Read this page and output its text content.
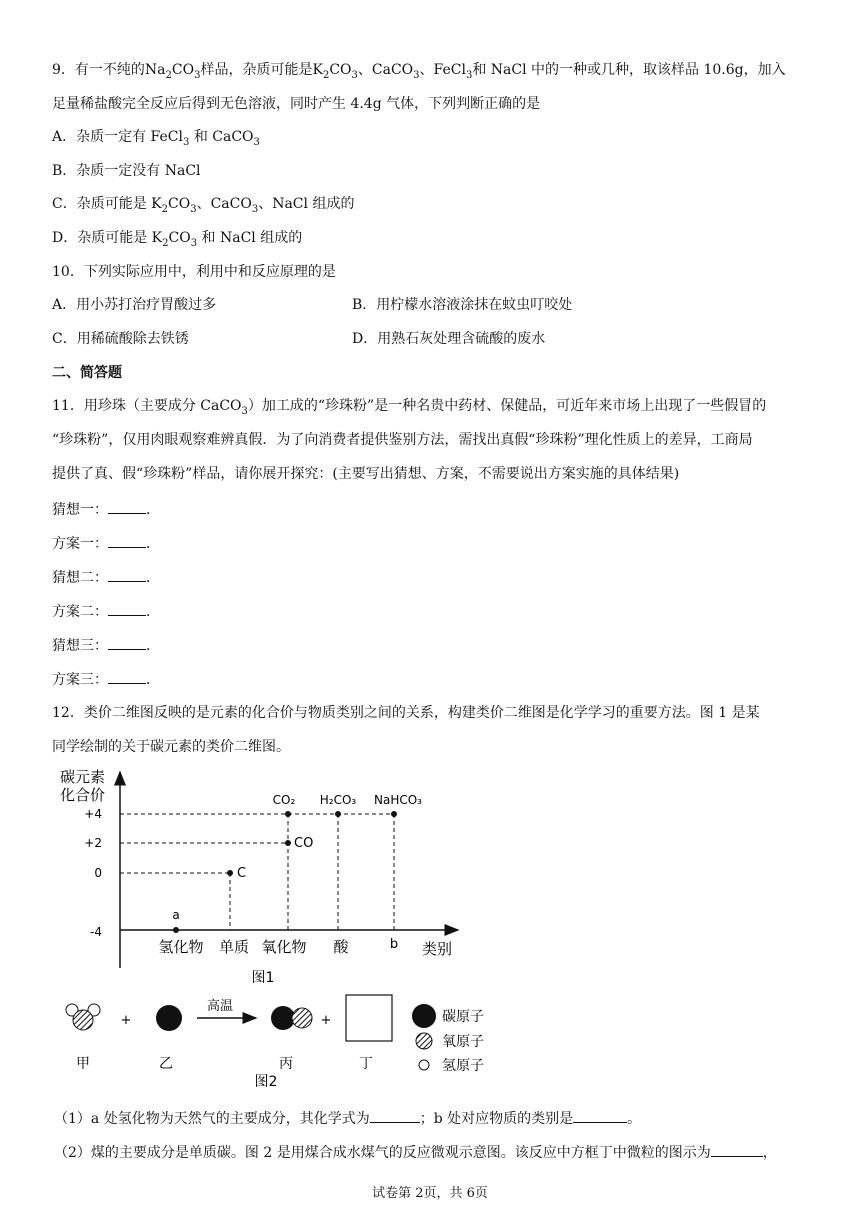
9．有一不纯的$Na_2CO_3$样品，杂质可能是$K_2CO_3$、CaCO$_3$、FeCl$_3$和 NaCl 中的一种或几种，取该样品 10.6g，加入
足量稀盐酸完全反应后得到无色溶液，同时产生 4.4g 气体，下列判断正确的是
A．杂质一定有 FeCl$_3$ 和 CaCO$_3$
B．杂质一定没有 NaCl
C．杂质可能是 $K_2CO_3$、CaCO$_3$、NaCl 组成的
D．杂质可能是 $K_2CO_3$ 和 NaCl 组成的
10．下列实际应用中，利用中和反应原理的是
A．用小苏打治疗胃酸过多	B．用柠檬水溶液涂抹在蚊虫叮咬处
C．用稀硫酸除去铁锈	D．用熟石灰处理含硫酸的废水
二、简答题
11．用珍珠（主要成分 CaCO$_3$）加工成的“珍珠粉”是一种名贵中药材、保健品，可近年来市场上出现了一些假冒的
“珍珠粉”，仅用肉眼观察难辨真假．为了向消费者提供鉴别方法，需找出真假“珍珠粉”理化性质上的差异，工商局
提供了真、假“珍珠粉”样品，请你展开探究：(主要写出猜想、方案，不需要说出方案实施的具体结果)
猜想一：	．
方案一：	．
猜想二：	．
方案二：	．
猜想三：	．
方案三：	．
12．类价二维图反映的是元素的化合价与物质类别之间的关系，构建类价二维图是化学学习的重要方法。图 1 是某
同学绘制的关于碳元素的类价二维图。
碳元素
化合价
+4
+2
0
-4
CO₂ H₂CO₃ NaHCO₃
CO
C
a
氢化物 单质 氧化物 酸	b 类别
图1
+
高温
+	碳原子
氧原子
氢原子
甲	乙	丙	丁
图2
（1）a 处氢化物为天然气的主要成分，其化学式为	；b 处对应物质的类别是	。
（2）煤的主要成分是单质碳。图 2 是用煤合成水煤气的反应微观示意图。该反应中方框丁中微粒的图示为	，
试卷第 2页，共 6页
